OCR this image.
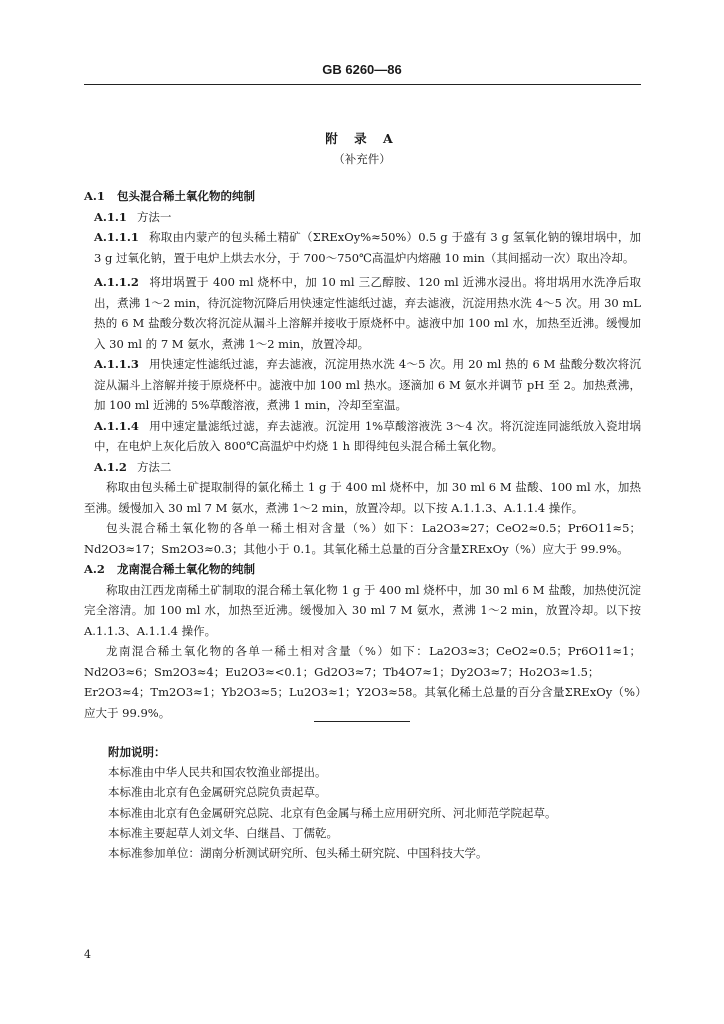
GB 6260—86
附 录 A
（补充件）

A.1 包头混合稀土氧化物的纯制

A.1.1 方法一

A.1.1.1 称取由内蒙产的包头稀土精矿（ΣRExOy%≈50%）0.5 g 于盛有 3 g 氢氧化钠的镍坩埚中，加 3 g 过氧化钠，置于电炉上烘去水分，于 700～750℃高温炉内熔融 10 min（其间摇动一次）取出冷却。

A.1.1.2 将坩埚置于 400 ml 烧杯中，加 10 ml 三乙醇胺、120 ml 近沸水浸出。将坩埚用水洗净后取出，煮沸 1～2 min，待沉淀物沉降后用快速定性滤纸过滤，弃去滤液，沉淀用热水洗 4～5 次。用 30 mL 热的 6 M 盐酸分数次将沉淀从漏斗上溶解并接收于原烧杯中。滤液中加 100 ml 水，加热至近沸。缓慢加入 30 ml 的 7 M 氨水，煮沸 1～2 min，放置冷却。

A.1.1.3 用快速定性滤纸过滤，弃去滤液，沉淀用热水洗 4～5 次。用 20 ml 热的 6 M 盐酸分数次将沉淀从漏斗上溶解并接于原烧杯中。滤液中加 100 ml 热水。逐滴加 6 M 氨水并调节 pH 至 2。加热煮沸，加 100 ml 近沸的 5%草酸溶液，煮沸 1 min，冷却至室温。

A.1.1.4 用中速定量滤纸过滤，弃去滤液。沉淀用 1%草酸溶液洗 3～4 次。将沉淀连同滤纸放入瓷坩埚中，在电炉上灰化后放入 800℃高温炉中灼烧 1 h 即得纯包头混合稀土氧化物。

A.1.2 方法二

称取由包头稀土矿提取制得的氯化稀土 1 g 于 400 ml 烧杯中，加 30 ml 6 M 盐酸、100 ml 水，加热至沸。缓慢加入 30 ml 7 M 氨水，煮沸 1～2 min，放置冷却。以下按 A.1.1.3、A.1.1.4 操作。

包头混合稀土氧化物的各单一稀土相对含量（%）如下：La2O3≈27；CeO2≈0.5；Pr6O11≈5；Nd2O3≈17；Sm2O3≈0.3；其他小于 0.1。其氧化稀土总量的百分含量ΣRExOy（%）应大于 99.9%。

A.2 龙南混合稀土氧化物的纯制

称取由江西龙南稀土矿制取的混合稀土氧化物 1 g 于 400 ml 烧杯中，加 30 ml 6 M 盐酸，加热使沉淀完全溶清。加 100 ml 水，加热至近沸。缓慢加入 30 ml 7 M 氨水，煮沸 1～2 min，放置冷却。以下按 A.1.1.3、A.1.1.4 操作。

龙南混合稀土氧化物的各单一稀土相对含量（%）如下：La2O3≈3；CeO2≈0.5；Pr6O11≈1；Nd2O3≈6；Sm2O3≈4；Eu2O3≈<0.1；Gd2O3≈7；Tb4O7≈1；Dy2O3≈7；Ho2O3≈1.5；Er2O3≈4；Tm2O3≈1；Yb2O3≈5；Lu2O3≈1；Y2O3≈58。其氧化稀土总量的百分含量ΣRExOy（%）应大于 99.9%。

附加说明：

本标准由中华人民共和国农牧渔业部提出。

本标准由北京有色金属研究总院负责起草。

本标准由北京有色金属研究总院、北京有色金属与稀土应用研究所、河北师范学院起草。

本标准主要起草人刘文华、白继昌、丁儒乾。

本标准参加单位：湖南分析测试研究所、包头稀土研究院、中国科技大学。

4
